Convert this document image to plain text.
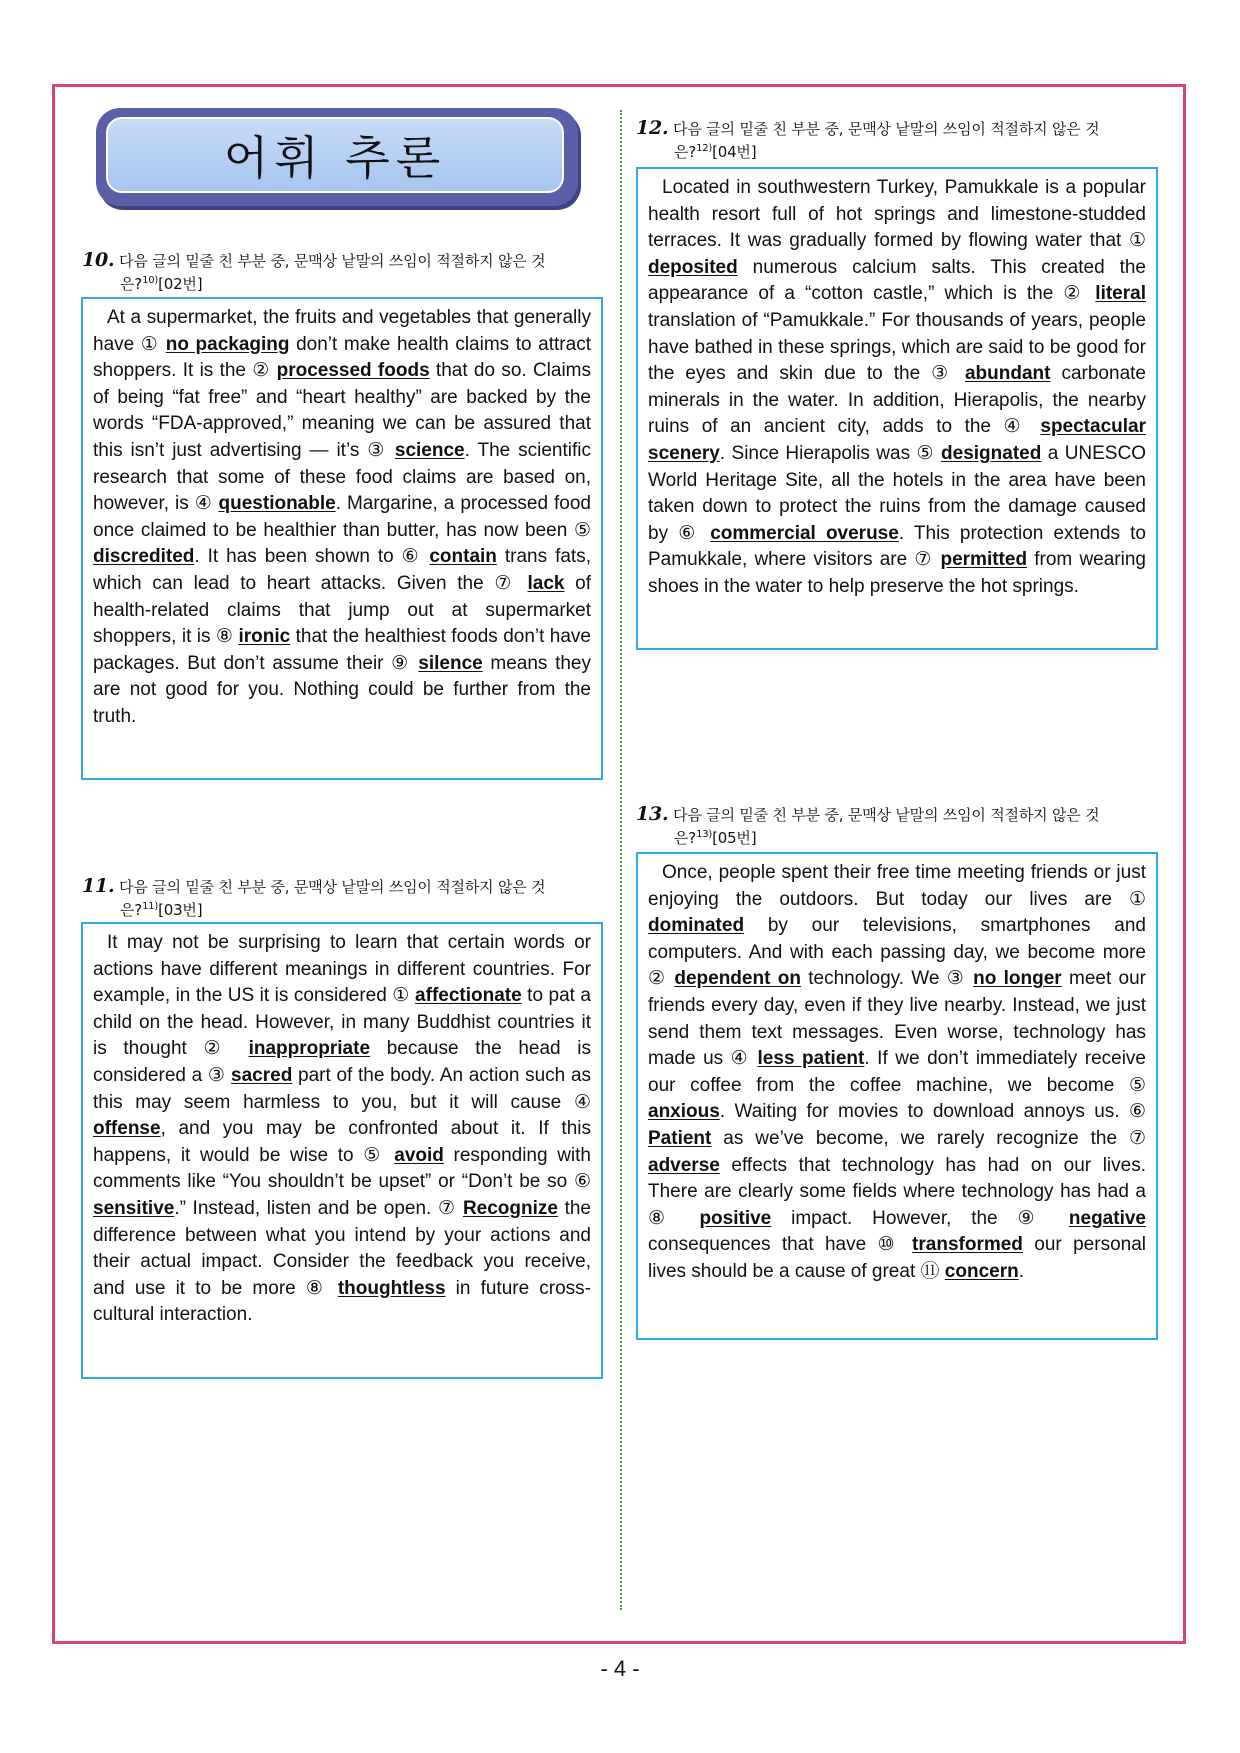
어휘 추론
10. 다음 글의 밑줄 친 부분 중, 문맥상 낱말의 쓰임이 적절하지 않은 것
은?$^{10)}$[02번]

At a supermarket, the fruits and vegetables that generally have ① no packaging don’t make health claims to attract shoppers. It is the ② processed foods that do so. Claims of being “fat free” and “heart healthy” are backed by the words “FDA-approved,” meaning we can be assured that this isn’t just advertising — it’s ③ science. The scientific research that some of these food claims are based on, however, is ④ questionable. Margarine, a processed food once claimed to be healthier than butter, has now been ⑤ discredited. It has been shown to ⑥ contain trans fats, which can lead to heart attacks. Given the ⑦ lack of health-related claims that jump out at supermarket shoppers, it is ⑧ ironic that the healthiest foods don’t have packages. But don’t assume their ⑨ silence means they are not good for you. Nothing could be further from the truth.

11. 다음 글의 밑줄 친 부분 중, 문맥상 낱말의 쓰임이 적절하지 않은 것
은?$^{11)}$[03번]

It may not be surprising to learn that certain words or actions have different meanings in different countries. For example, in the US it is considered ① affectionate to pat a child on the head. However, in many Buddhist countries it is thought ② inappropriate because the head is considered a ③ sacred part of the body. An action such as this may seem harmless to you, but it will cause ④ offense, and you may be confronted about it. If this happens, it would be wise to ⑤ avoid responding with comments like “You shouldn’t be upset” or “Don’t be so ⑥ sensitive.” Instead, listen and be open. ⑦ Recognize the difference between what you intend by your actions and their actual impact. Consider the feedback you receive, and use it to be more ⑧ thoughtless in future cross-cultural interaction.

12. 다음 글의 밑줄 친 부분 중, 문맥상 낱말의 쓰임이 적절하지 않은 것
은?$^{12)}$[04번]

Located in southwestern Turkey, Pamukkale is a popular health resort full of hot springs and limestone-studded terraces. It was gradually formed by flowing water that ① deposited numerous calcium salts. This created the appearance of a “cotton castle,” which is the ② literal translation of “Pamukkale.” For thousands of years, people have bathed in these springs, which are said to be good for the eyes and skin due to the ③ abundant carbonate minerals in the water. In addition, Hierapolis, the nearby ruins of an ancient city, adds to the ④ spectacular scenery. Since Hierapolis was ⑤ designated a UNESCO World Heritage Site, all the hotels in the area have been taken down to protect the ruins from the damage caused by ⑥ commercial overuse. This protection extends to Pamukkale, where visitors are ⑦ permitted from wearing shoes in the water to help preserve the hot springs.

13. 다음 글의 밑줄 친 부분 중, 문맥상 낱말의 쓰임이 적절하지 않은 것
은?$^{13)}$[05번]

Once, people spent their free time meeting friends or just enjoying the outdoors. But today our lives are ① dominated by our televisions, smartphones and computers. And with each passing day, we become more ② dependent on technology. We ③ no longer meet our friends every day, even if they live nearby. Instead, we just send them text messages. Even worse, technology has made us ④ less patient. If we don’t immediately receive our coffee from the coffee machine, we become ⑤ anxious. Waiting for movies to download annoys us. ⑥ Patient as we’ve become, we rarely recognize the ⑦ adverse effects that technology has had on our lives. There are clearly some fields where technology has had a ⑧ positive impact. However, the ⑨ negative consequences that have ⑩ transformed our personal lives should be a cause of great ⑪ concern.

- 4 -
